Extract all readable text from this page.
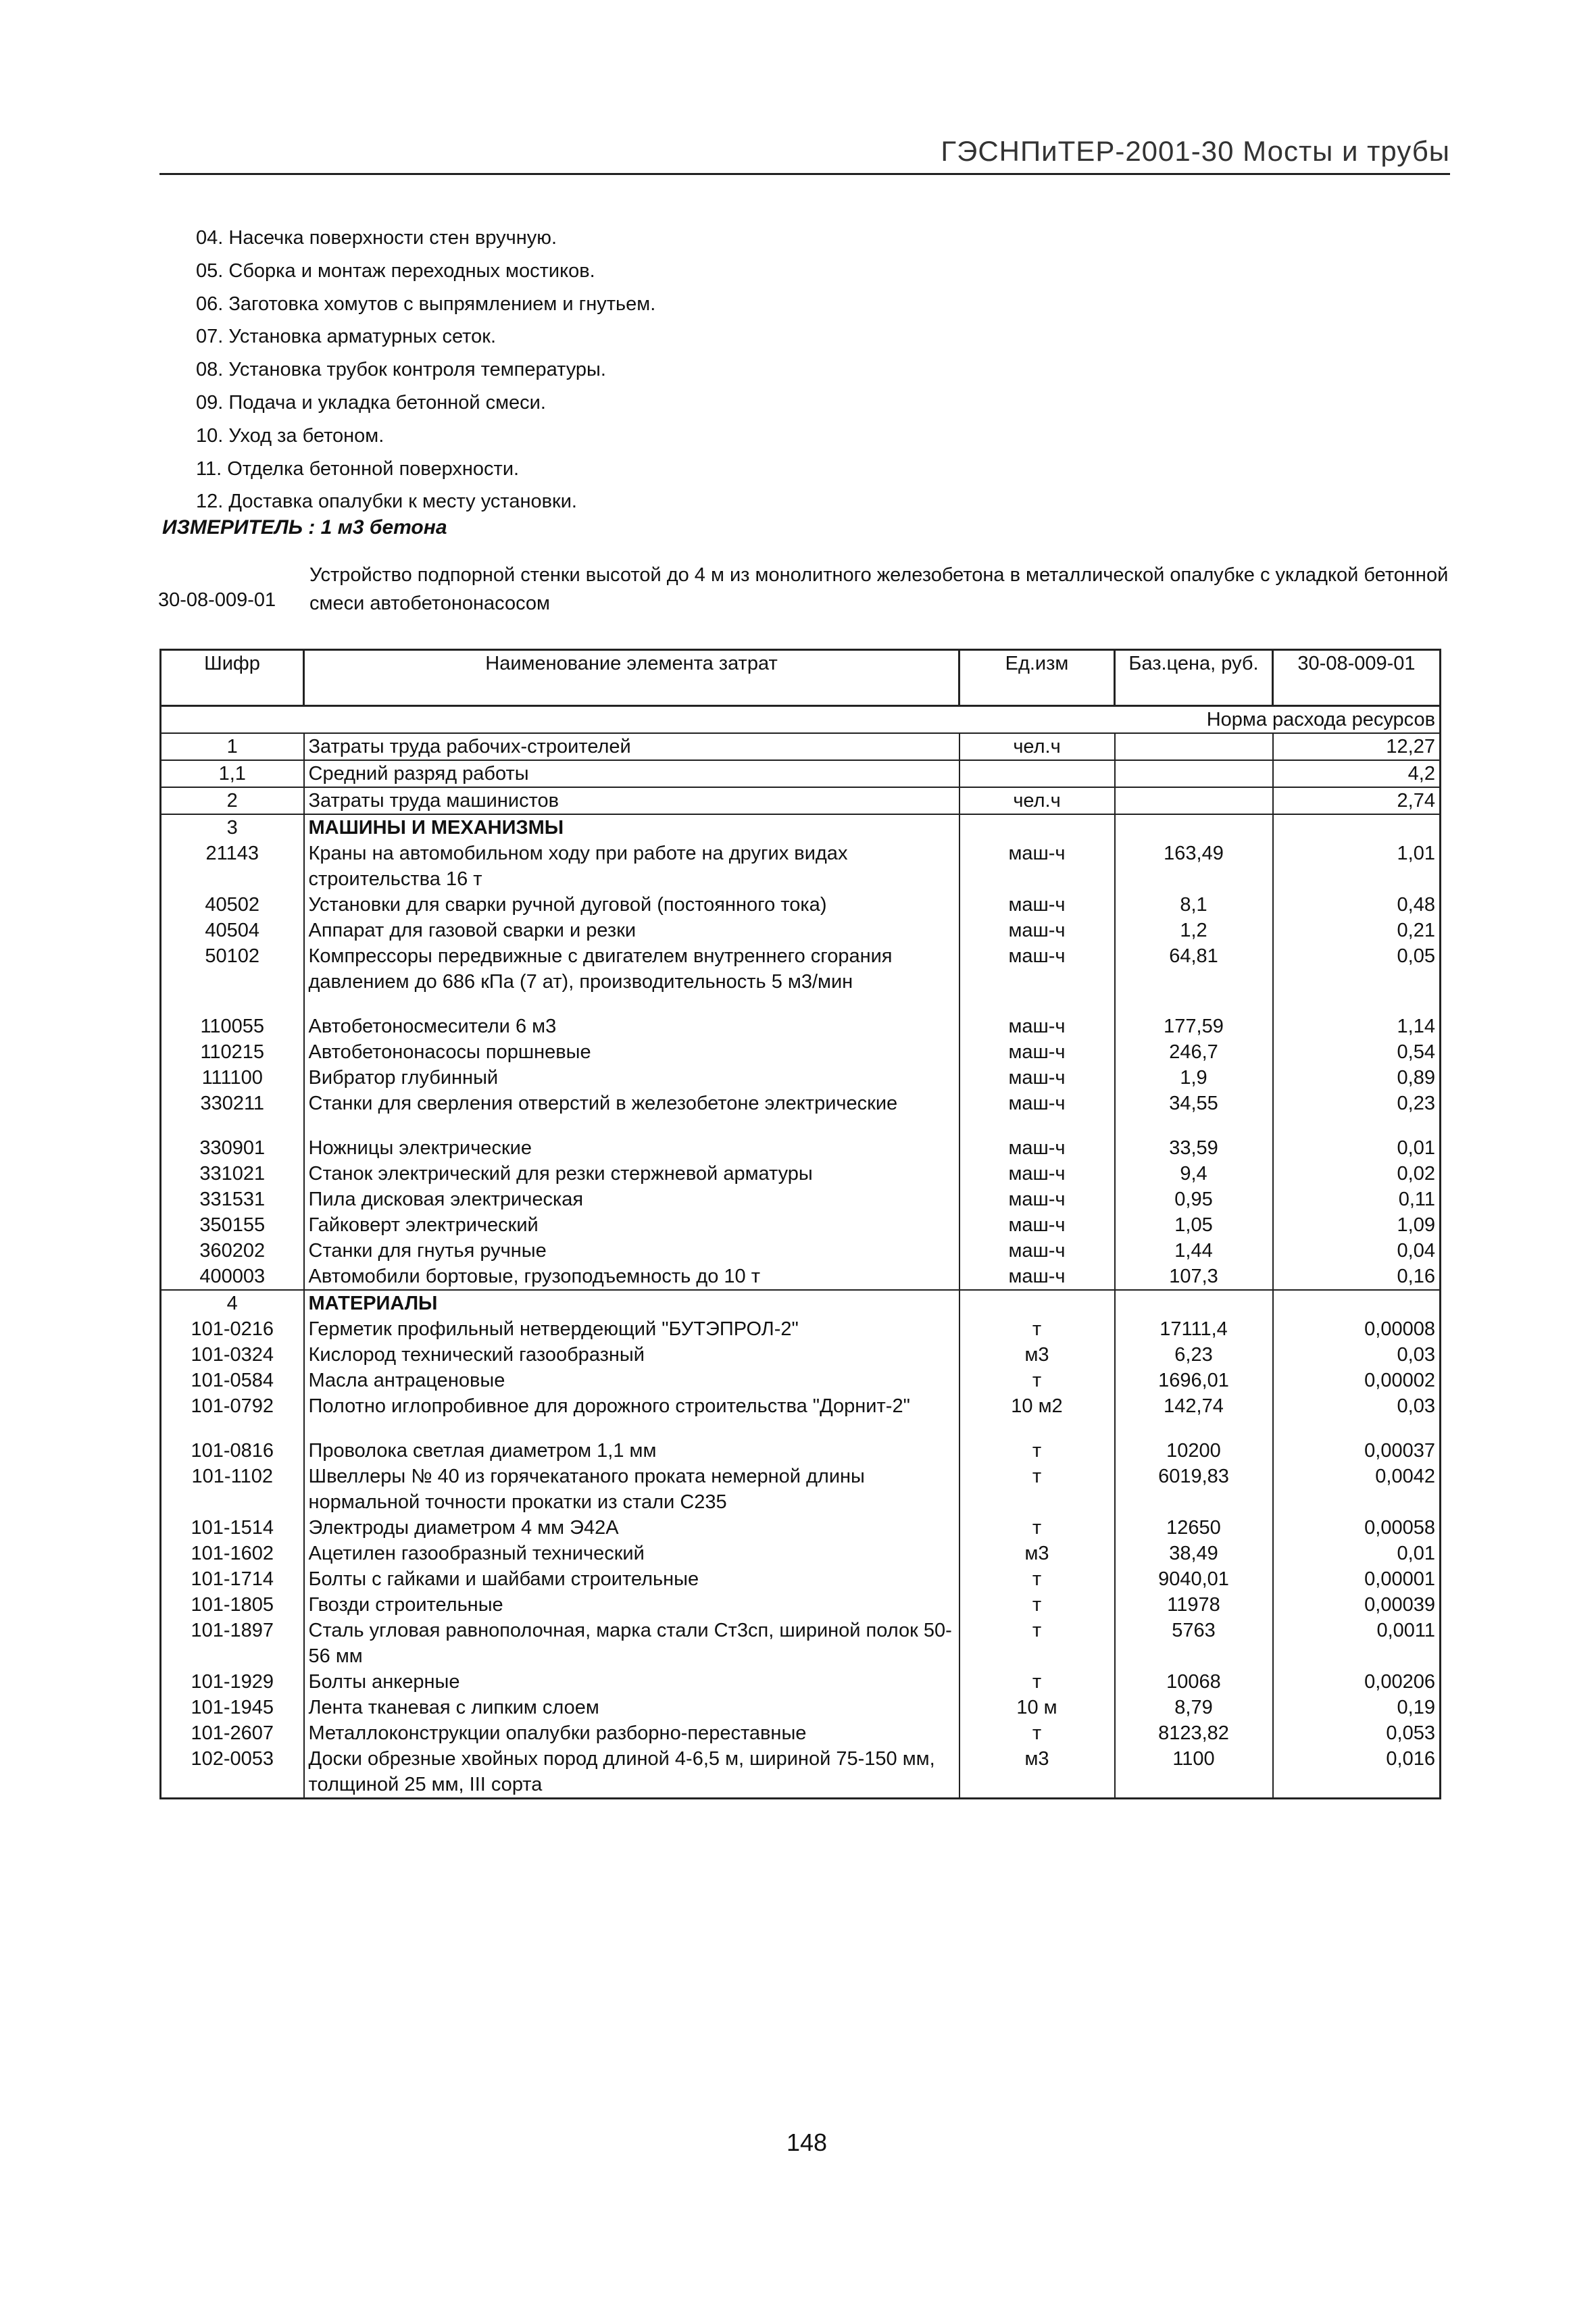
ГЭСНПиТЕР-2001-30 Мосты и трубы
04. Насечка поверхности стен вручную.
05. Сборка и монтаж переходных мостиков.
06. Заготовка хомутов с выпрямлением и гнутьем.
07. Установка арматурных сеток.
08. Установка трубок контроля температуры.
09. Подача и укладка бетонной смеси.
10. Уход за бетоном.
11. Отделка бетонной поверхности.
12. Доставка опалубки к месту установки.
ИЗМЕРИТЕЛЬ : 1 м3 бетона
30-08-009-01
Устройство подпорной стенки высотой до 4 м из монолитного железобетона в металлической опалубке с укладкой бетонной смеси автобетононасосом
Шифр	Наименование элемента затрат	Ед.изм	Баз.цена, руб.	30-08-009-01
Норма расхода ресурсов				
1	Затраты труда рабочих-строителей	чел.ч		12,27
1,1	Средний разряд работы			4,2
2	Затраты труда машинистов	чел.ч		2,74
3	МАШИНЫ И МЕХАНИЗМЫ			
21143	Краны на автомобильном ходу при работе на других видах строительства 16 т	маш-ч	163,49	1,01
40502	Установки для сварки ручной дуговой (постоянного тока)	маш-ч	8,1	0,48
40504	Аппарат для газовой сварки и резки	маш-ч	1,2	0,21
50102	Компрессоры передвижные с двигателем внутреннего сгорания давлением до 686 кПа (7 ат), производительность 5 м3/мин	маш-ч	64,81	0,05
110055	Автобетоносмесители 6 м3	маш-ч	177,59	1,14
110215	Автобетононасосы поршневые	маш-ч	246,7	0,54
111100	Вибратор глубинный	маш-ч	1,9	0,89
330211	Станки для сверления отверстий в железобетоне электрические	маш-ч	34,55	0,23
330901	Ножницы электрические	маш-ч	33,59	0,01
331021	Станок электрический для резки стержневой арматуры	маш-ч	9,4	0,02
331531	Пила дисковая электрическая	маш-ч	0,95	0,11
350155	Гайковерт электрический	маш-ч	1,05	1,09
360202	Станки для гнутья ручные	маш-ч	1,44	0,04
400003	Автомобили бортовые, грузоподъемность до 10 т	маш-ч	107,3	0,16
4	МАТЕРИАЛЫ			
101-0216	Герметик профильный нетвердеющий "БУТЭПРОЛ-2"	т	17111,4	0,00008
101-0324	Кислород технический газообразный	м3	6,23	0,03
101-0584	Масла антраценовые	т	1696,01	0,00002
101-0792	Полотно иглопробивное для дорожного строительства "Дорнит-2"	10 м2	142,74	0,03
101-0816	Проволока светлая диаметром 1,1 мм	т	10200	0,00037
101-1102	Швеллеры № 40 из горячекатаного проката немерной длины нормальной точности прокатки из стали С235	т	6019,83	0,0042
101-1514	Электроды диаметром 4 мм Э42А	т	12650	0,00058
101-1602	Ацетилен газообразный технический	м3	38,49	0,01
101-1714	Болты с гайками и шайбами строительные	т	9040,01	0,00001
101-1805	Гвозди строительные	т	11978	0,00039
101-1897	Сталь угловая равнополочная, марка стали Ст3сп, шириной полок 50-56 мм	т	5763	0,0011
101-1929	Болты анкерные	т	10068	0,00206
101-1945	Лента тканевая с липким слоем	10 м	8,79	0,19
101-2607	Металлоконструкции опалубки разборно-переставные	т	8123,82	0,053
102-0053	Доски обрезные хвойных пород длиной 4-6,5 м, шириной 75-150 мм, толщиной 25 мм, III сорта	м3	1100	0,016
148
